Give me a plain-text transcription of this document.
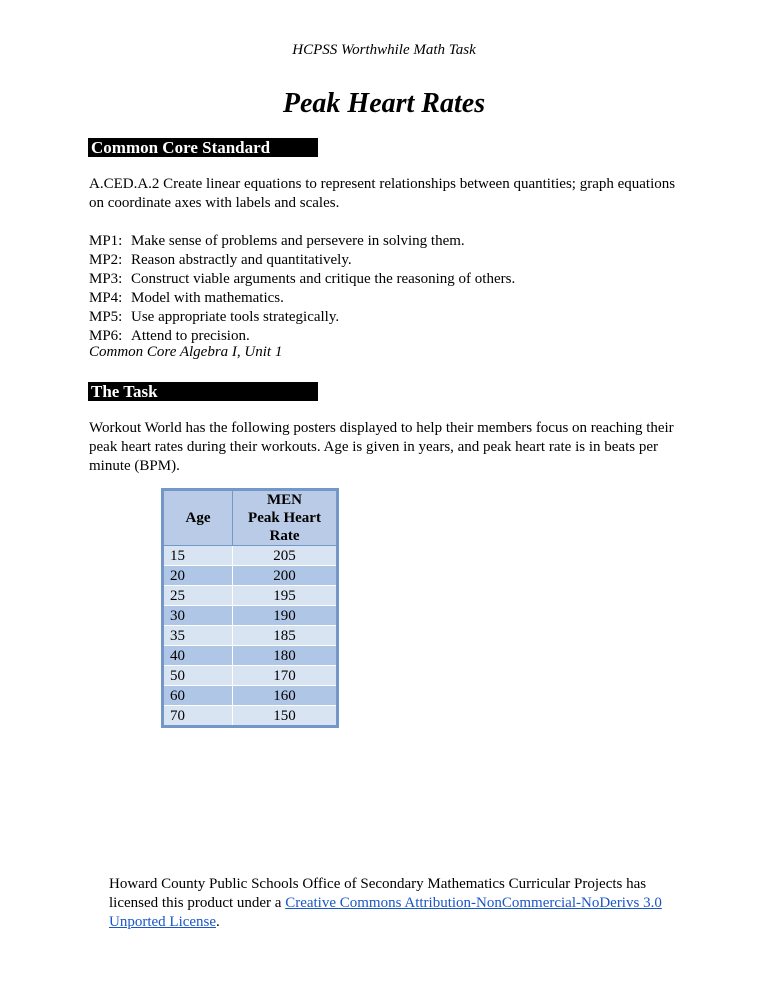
HCPSS Worthwhile Math Task
Peak Heart Rates
Common Core Standard
A.CED.A.2 Create linear equations to represent relationships between quantities; graph equations on coordinate axes with labels and scales.
MP1: Make sense of problems and persevere in solving them.
MP2: Reason abstractly and quantitatively.
MP3: Construct viable arguments and critique the reasoning of others.
MP4: Model with mathematics.
MP5: Use appropriate tools strategically.
MP6: Attend to precision.
Common Core Algebra I, Unit 1
The Task
Workout World has the following posters displayed to help their members focus on reaching their peak heart rates during their workouts. Age is given in years, and peak heart rate is in beats per minute (BPM).
Age	MEN
Peak Heart Rate

15	205
20	200
25	195
30	190
35	185
40	180
50	170
60	160
70	150
Howard County Public Schools Office of Secondary Mathematics Curricular Projects has licensed this product under a Creative Commons Attribution-NonCommercial-NoDerivs 3.0 Unported License.
